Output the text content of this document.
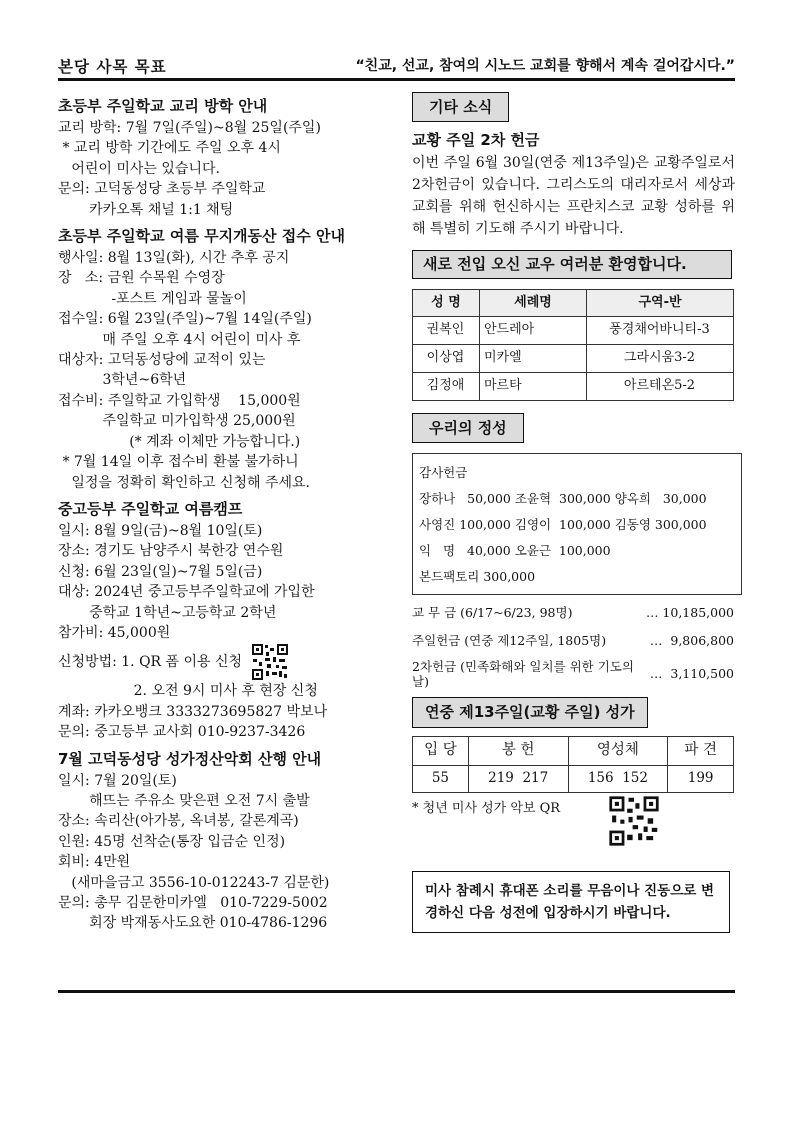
본당 사목 목표	“친교, 선교, 참여의 시노드 교회를 향해서 계속 걸어갑시다.”
초등부 주일학교 교리 방학 안내
교리 방학: 7월 7일(주일)~8월 25일(주일)
* 교리 방학 기간에도 주일 오후 4시
어린이 미사는 있습니다.
문의: 고덕동성당 초등부 주일학교
카카오톡 채널 1:1 채팅
초등부 주일학교 여름 무지개동산 접수 안내
행사일: 8월 13일(화), 시간 추후 공지
장   소: 금원 수목원 수영장
-포스트 게임과 물놀이
접수일: 6월 23일(주일)~7월 14일(주일)
매 주일 오후 4시 어린이 미사 후
대상자: 고덕동성당에 교적이 있는
3학년~6학년
접수비: 주일학교 가입학생    15,000원
주일학교 미가입학생 25,000원
(* 계좌 이체만 가능합니다.)
* 7월 14일 이후 접수비 환불 불가하니
일정을 정확히 확인하고 신청해 주세요.
중고등부 주일학교 여름캠프
일시: 8월 9일(금)~8월 10일(토)
장소: 경기도 남양주시 북한강 연수원
신청: 6월 23일(일)~7월 5일(금)
대상: 2024년 중고등부주일학교에 가입한
중학교 1학년~고등학교 2학년
참가비: 45,000원
신청방법: 1. QR 폼 이용 신청
2. 오전 9시 미사 후 현장 신청
계좌: 카카오뱅크 3333273695827 박보나
문의: 중고등부 교사회 010-9237-3426
7월 고덕동성당 성가정산악회 산행 안내
일시: 7월 20일(토)
해뜨는 주유소 맞은편 오전 7시 출발
장소: 속리산(아가봉, 옥녀봉, 갈론계곡)
인원: 45명 선착순(통장 입금순 인정)
회비: 4만원
(새마을금고 3556-10-012243-7 김문한)
문의: 총무 김문한미카엘   010-7229-5002
회장 박재동사도요한 010-4786-1296
기타 소식
교황 주일 2차 헌금
이번 주일 6월 30일(연중 제13주일)은 교황주일로서 2차헌금이 있습니다. 그리스도의 대리자로서 세상과 교회를 위해 헌신하시는 프란치스코 교황 성하를 위해 특별히 기도해 주시기 바랍니다.
새로 전입 오신 교우 여러분 환영합니다.
성 명	세례명	구역-반
권복인	안드레아	풍경채어바니티-3
이상엽	미카엘	그라시움3-2
김정애	마르타	아르테온5-2
우리의 정성
감사헌금
장하나   50,000 조윤혁  300,000 양옥희   30,000
사영진 100,000 김영이  100,000 김동영 300,000
익   명   40,000 오윤근  100,000
본드팩토리 300,000
교 무 금 (6/17~6/23, 98명)	… 10,185,000
주일헌금 (연중 제12주일, 1805명)	…  9,806,800
2차헌금 (민족화해와 일치를 위한 기도의 날)
…  3,110,500
연중 제13주일(교황 주일) 성가
입 당	봉 헌	영성체	파 견
55	219  217	156  152	199
* 청년 미사 성가 악보 QR
미사 참례시 휴대폰 소리를 무음이나 진동으로 변경하신 다음 성전에 입장하시기 바랍니다.
